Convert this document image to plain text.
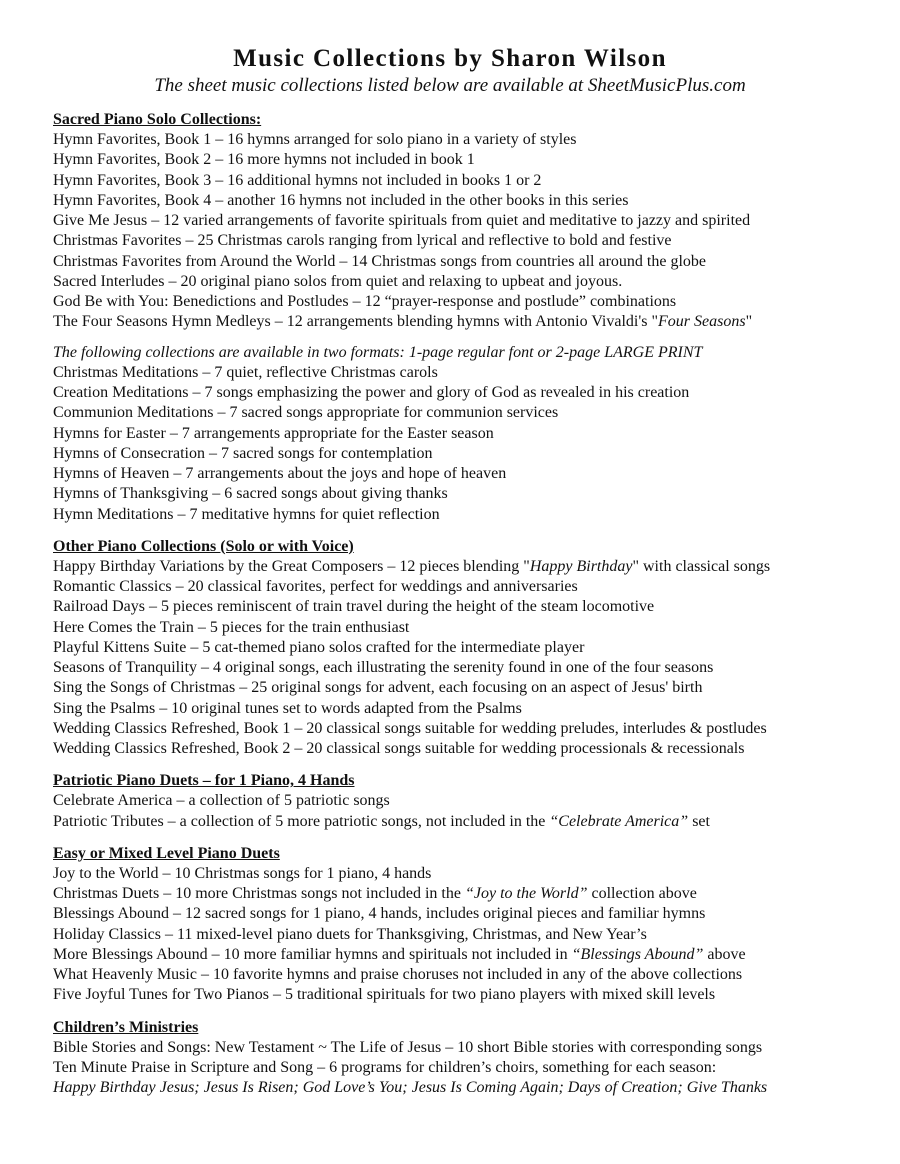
Music Collections by Sharon Wilson
The sheet music collections listed below are available at SheetMusicPlus.com
Sacred Piano Solo Collections:
Hymn Favorites, Book 1 – 16 hymns arranged for solo piano in a variety of styles
Hymn Favorites, Book 2 – 16 more hymns not included in book 1
Hymn Favorites, Book 3 – 16 additional hymns not included in books 1 or 2
Hymn Favorites, Book 4 – another 16 hymns not included in the other books in this series
Give Me Jesus – 12 varied arrangements of favorite spirituals from quiet and meditative to jazzy and spirited
Christmas Favorites – 25 Christmas carols ranging from lyrical and reflective to bold and festive
Christmas Favorites from Around the World – 14 Christmas songs from countries all around the globe
Sacred Interludes – 20 original piano solos from quiet and relaxing to upbeat and joyous.
God Be with You: Benedictions and Postludes – 12 “prayer-response and postlude” combinations
The Four Seasons Hymn Medleys – 12 arrangements blending hymns with Antonio Vivaldi's "Four Seasons"
The following collections are available in two formats: 1-page regular font or 2-page LARGE PRINT
Christmas Meditations – 7 quiet, reflective Christmas carols
Creation Meditations – 7 songs emphasizing the power and glory of God as revealed in his creation
Communion Meditations – 7 sacred songs appropriate for communion services
Hymns for Easter – 7 arrangements appropriate for the Easter season
Hymns of Consecration – 7 sacred songs for contemplation
Hymns of Heaven – 7 arrangements about the joys and hope of heaven
Hymns of Thanksgiving – 6 sacred songs about giving thanks
Hymn Meditations – 7 meditative hymns for quiet reflection
Other Piano Collections (Solo or with Voice)
Happy Birthday Variations by the Great Composers – 12 pieces blending "Happy Birthday" with classical songs
Romantic Classics – 20 classical favorites, perfect for weddings and anniversaries
Railroad Days – 5 pieces reminiscent of train travel during the height of the steam locomotive
Here Comes the Train – 5 pieces for the train enthusiast
Playful Kittens Suite – 5 cat-themed piano solos crafted for the intermediate player
Seasons of Tranquility – 4 original songs, each illustrating the serenity found in one of the four seasons
Sing the Songs of Christmas – 25 original songs for advent, each focusing on an aspect of Jesus' birth
Sing the Psalms – 10 original tunes set to words adapted from the Psalms
Wedding Classics Refreshed, Book 1 – 20 classical songs suitable for wedding preludes, interludes & postludes
Wedding Classics Refreshed, Book 2 – 20 classical songs suitable for wedding processionals & recessionals
Patriotic Piano Duets – for 1 Piano, 4 Hands
Celebrate America – a collection of 5 patriotic songs
Patriotic Tributes – a collection of 5 more patriotic songs, not included in the “Celebrate America” set
Easy or Mixed Level Piano Duets
Joy to the World – 10 Christmas songs for 1 piano, 4 hands
Christmas Duets – 10 more Christmas songs not included in the “Joy to the World” collection above
Blessings Abound – 12 sacred songs for 1 piano, 4 hands, includes original pieces and familiar hymns
Holiday Classics – 11 mixed-level piano duets for Thanksgiving, Christmas, and New Year’s
More Blessings Abound – 10 more familiar hymns and spirituals not included in “Blessings Abound” above
What Heavenly Music – 10 favorite hymns and praise choruses not included in any of the above collections
Five Joyful Tunes for Two Pianos – 5 traditional spirituals for two piano players with mixed skill levels
Children’s Ministries
Bible Stories and Songs: New Testament ~ The Life of Jesus – 10 short Bible stories with corresponding songs
Ten Minute Praise in Scripture and Song – 6 programs for children’s choirs, something for each season:
Happy Birthday Jesus; Jesus Is Risen; God Love’s You; Jesus Is Coming Again; Days of Creation; Give Thanks
